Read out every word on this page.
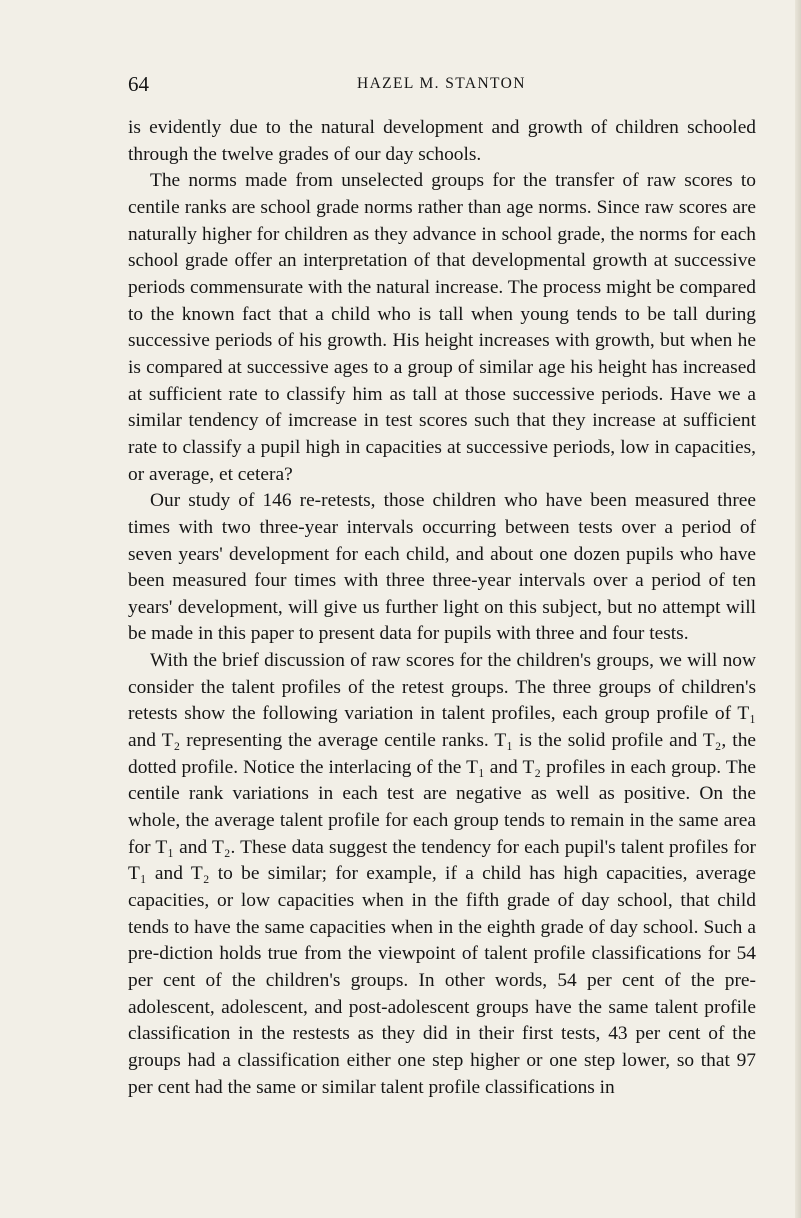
64	HAZEL M. STANTON

is evidently due to the natural development and growth of children schooled through the twelve grades of our day schools.

The norms made from unselected groups for the transfer of raw scores to centile ranks are school grade norms rather than age norms. Since raw scores are naturally higher for children as they advance in school grade, the norms for each school grade offer an interpretation of that developmental growth at successive periods commensurate with the natural increase. The process might be compared to the known fact that a child who is tall when young tends to be tall during successive periods of his growth. His height increases with growth, but when he is compared at successive ages to a group of similar age his height has increased at sufficient rate to classify him as tall at those successive periods. Have we a similar tendency of imcrease in test scores such that they increase at sufficient rate to classify a pupil high in capacities at successive periods, low in capacities, or average, et cetera?

Our study of 146 re-retests, those children who have been measured three times with two three-year intervals occurring between tests over a period of seven years' development for each child, and about one dozen pupils who have been measured four times with three three-year intervals over a period of ten years' development, will give us further light on this subject, but no attempt will be made in this paper to present data for pupils with three and four tests.

With the brief discussion of raw scores for the children's groups, we will now consider the talent profiles of the retest groups. The three groups of children's retests show the following variation in talent profiles, each group profile of T₁ and T₂ representing the average centile ranks. T₁ is the solid profile and T₂, the dotted profile. Notice the interlacing of the T₁ and T₂ profiles in each group. The centile rank variations in each test are negative as well as positive. On the whole, the average talent profile for each group tends to remain in the same area for T₁ and T₂. These data suggest the tendency for each pupil's talent profiles for T₁ and T₂ to be similar; for example, if a child has high capacities, average capacities, or low capacities when in the fifth grade of day school, that child tends to have the same capacities when in the eighth grade of day school. Such a pre-diction holds true from the viewpoint of talent profile classifications for 54 per cent of the children's groups. In other words, 54 per cent of the pre-adolescent, adolescent, and post-adolescent groups have the same talent profile classification in the restests as they did in their first tests, 43 per cent of the groups had a classification either one step higher or one step lower, so that 97 per cent had the same or similar talent profile classifications in
